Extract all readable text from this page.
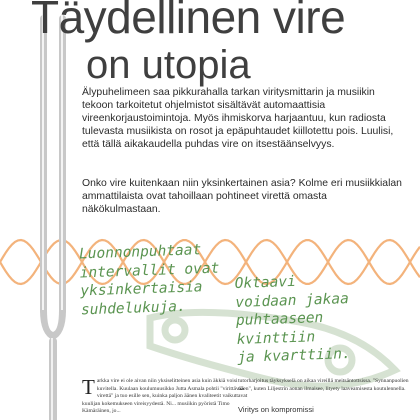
Täydellinen vire
on utopia

Älypuhelimeen saa pikkurahalla tarkan viritysmittarin ja musiikin tekoon tarkoitetut ohjelmistot sisältävät automaattisia vireenkorjaustoimintoja. Myös ihmiskorva harjaantuu, kun radiosta tulevasta musiikista on rosot ja epäpuhtaudet kiillotettu pois. Luulisi, että tällä aikakaudella puhdas vire on itsestäänselvyys.

Onko vire kuitenkaan niin yksinkertainen asia? Kolme eri musiikkialan ammattilaista ovat tahoillaan pohtineet virettä omasta näkökulmastaan.

Luonnonpuhtaat
intervallit ovat
yksinkertaisia
suhdelukuja.

Oktaavi
voidaan jakaa
puhtaaseen
kvinttiin
ja kvarttiin.

Tarkka vire ei ole aivan niin yksiselitteinen asia kuin äkkiä voisi kuvitella. Kuulaan koulumuusikko Jutta Asmala pohtii "virittävää virettä" ja tuo esille sen, kuinka paljon äänen kvaliteetit vaikuttavat kuulijan kokemukseen vireisyydestä. Ni... musiikin pyöristä Timo Kämäräinen, jo...
tutorharjoitus täyksykselä on aikaa vireillä meitsäntottsissa. "Synnanpuolien näen", kuten Liljestrin aonan ilmaisee, lityety laaveamisesta koutulennella.

Viritys on kompromissi
